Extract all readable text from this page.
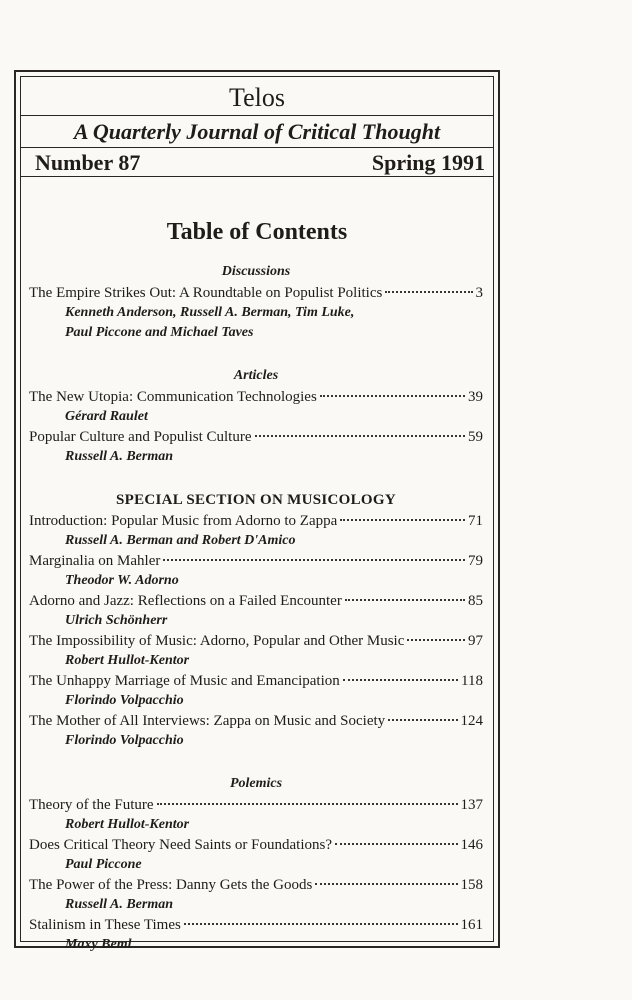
Telos
A Quarterly Journal of Critical Thought
Number 87	Spring 1991
Table of Contents
Discussions
The Empire Strikes Out: A Roundtable on Populist Politics	3
Kenneth Anderson, Russell A. Berman, Tim Luke,
Paul Piccone and Michael Taves
Articles
The New Utopia: Communication Technologies	39
Gérard Raulet
Popular Culture and Populist Culture	59
Russell A. Berman
SPECIAL SECTION ON MUSICOLOGY
Introduction: Popular Music from Adorno to Zappa	71
Russell A. Berman and Robert D'Amico
Marginalia on Mahler	79
Theodor W. Adorno
Adorno and Jazz: Reflections on a Failed Encounter	85
Ulrich Schönherr
The Impossibility of Music: Adorno, Popular and Other Music	97
Robert Hullot-Kentor
The Unhappy Marriage of Music and Emancipation	118
Florindo Volpacchio
The Mother of All Interviews: Zappa on Music and Society	124
Florindo Volpacchio
Polemics
Theory of the Future	137
Robert Hullot-Kentor
Does Critical Theory Need Saints or Foundations?	146
Paul Piccone
The Power of the Press: Danny Gets the Goods	158
Russell A. Berman
Stalinism in These Times	161
Maxy Beml
